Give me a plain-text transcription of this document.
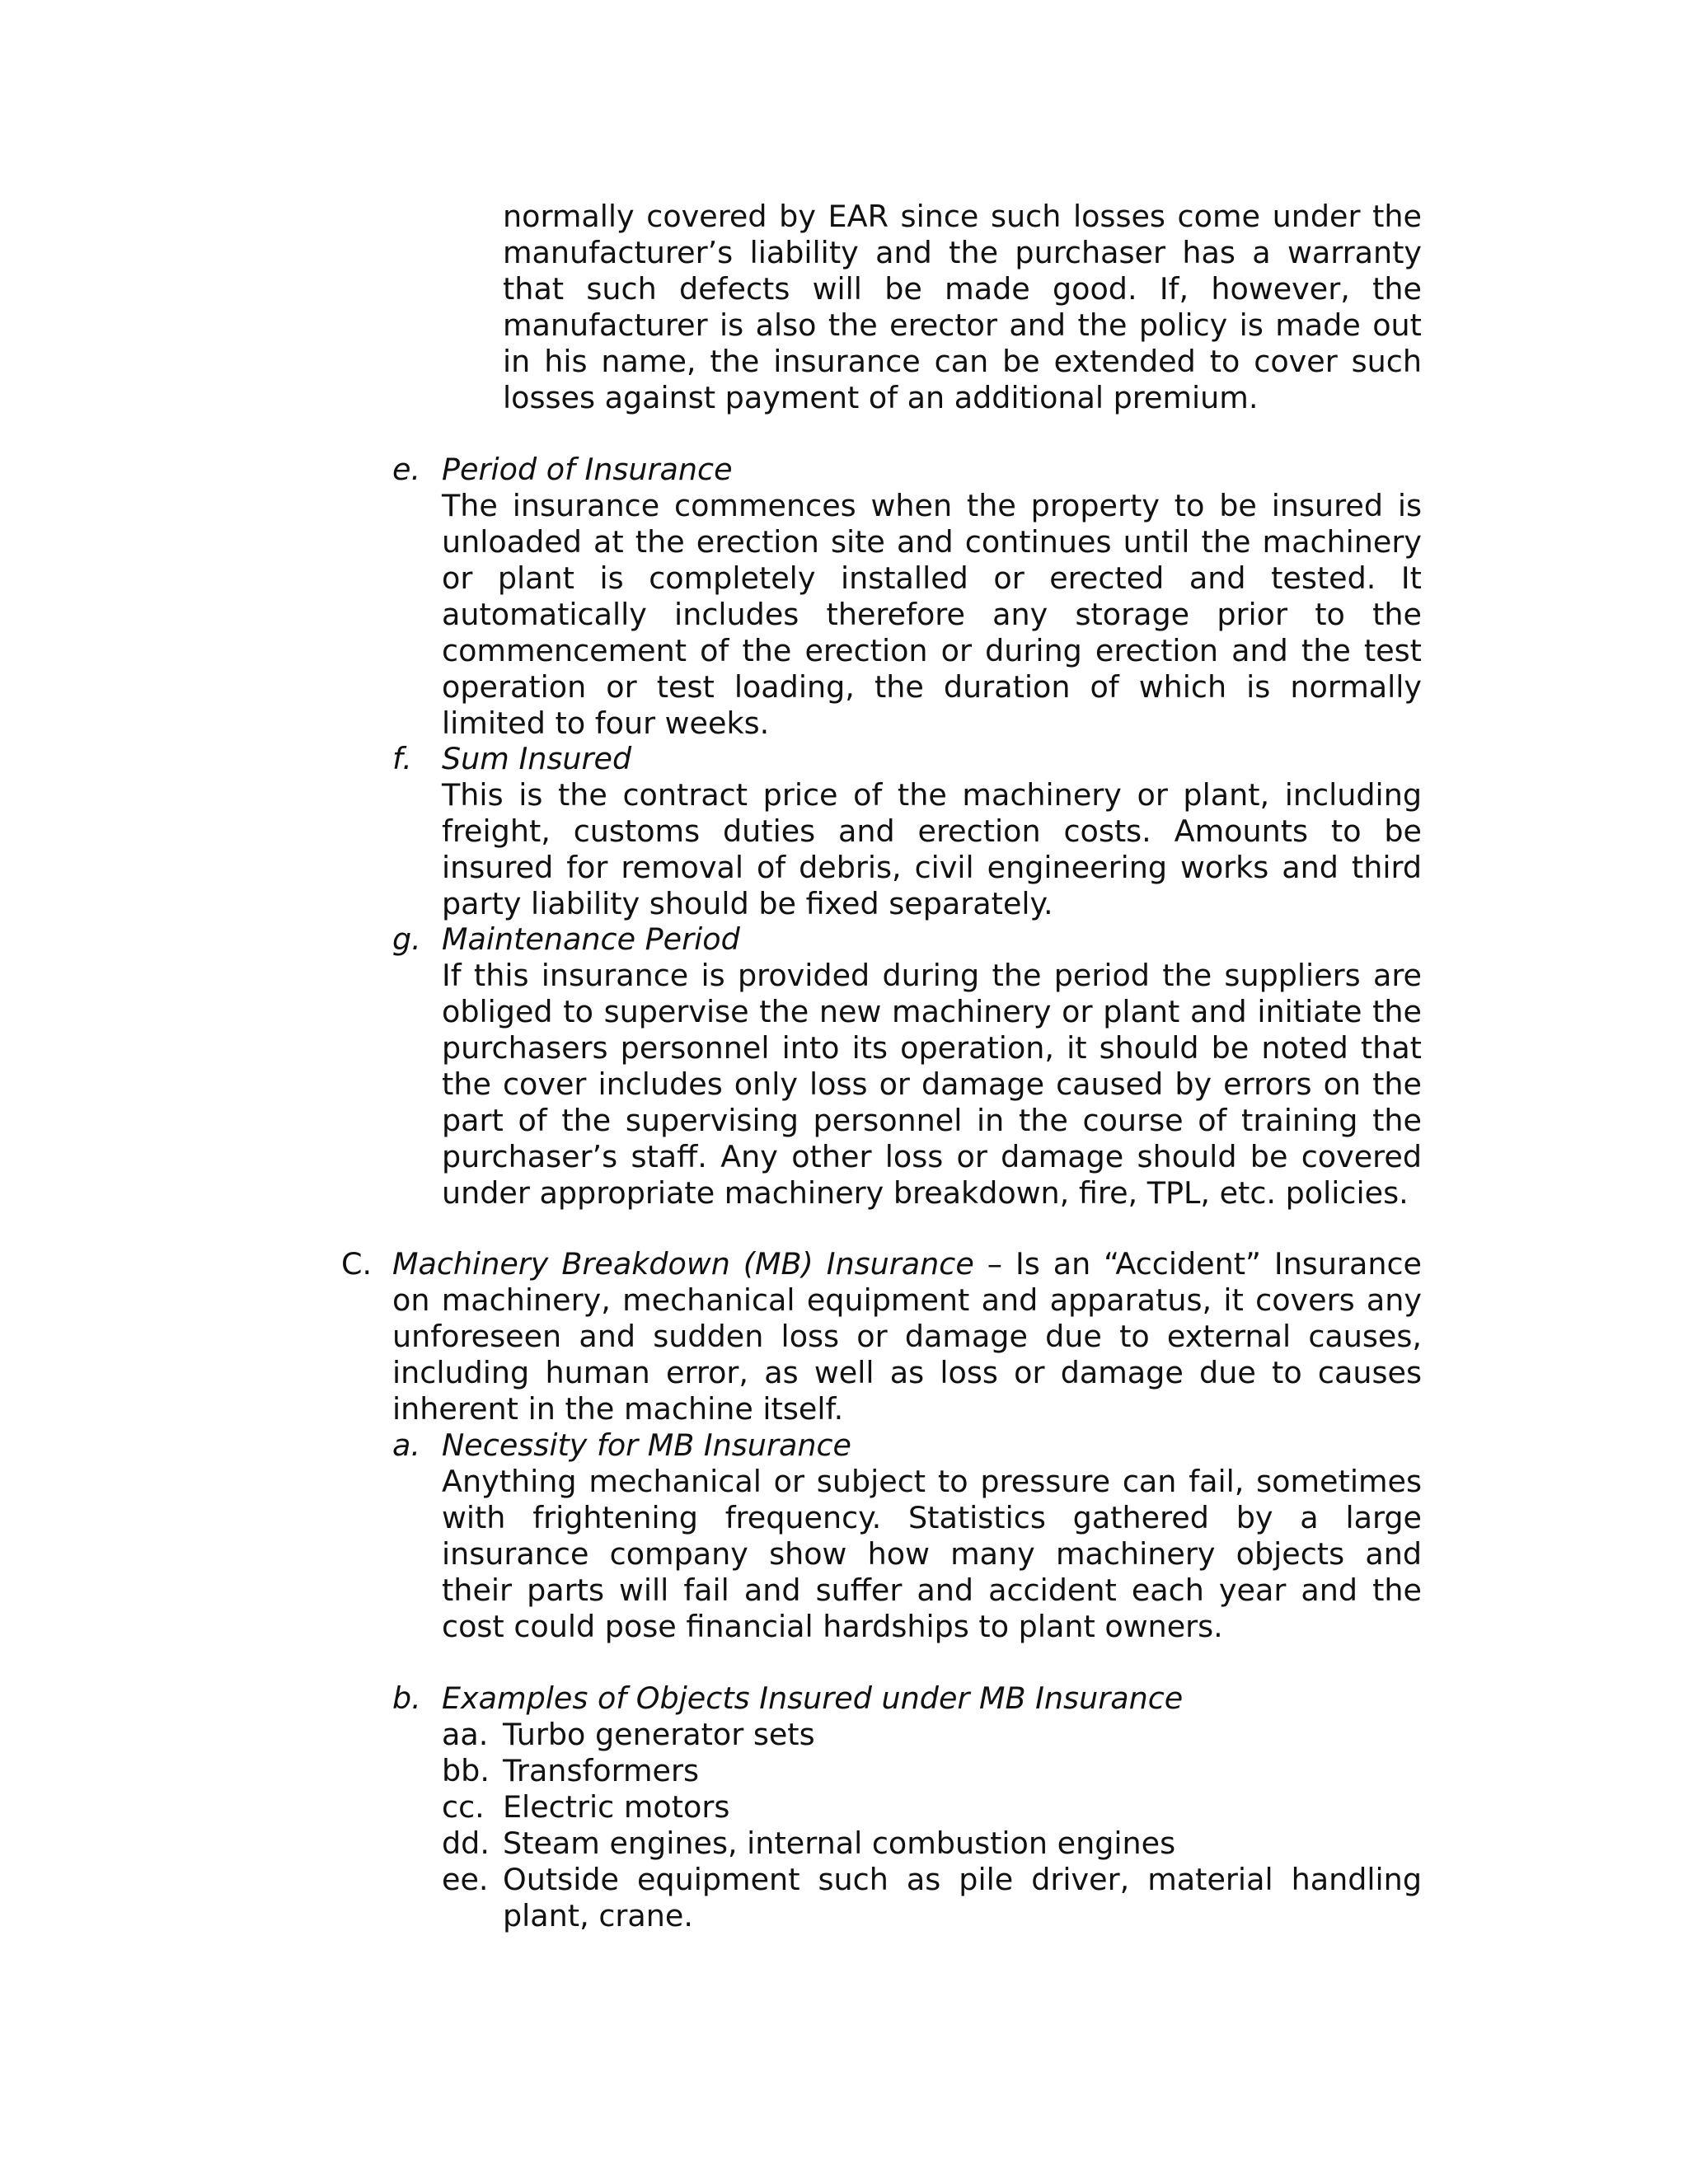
normally covered by EAR since such losses come under the manufacturer’s liability and the purchaser has a warranty that such defects will be made good. If, however, the manufacturer is also the erector and the policy is made out in his name, the insurance can be extended to cover such losses against payment of an additional premium.

e. Period of Insurance

The insurance commences when the property to be insured is unloaded at the erection site and continues until the machinery or plant is completely installed or erected and tested. It automatically includes therefore any storage prior to the commencement of the erection or during erection and the test operation or test loading, the duration of which is normally limited to four weeks.

f. Sum Insured

This is the contract price of the machinery or plant, including freight, customs duties and erection costs. Amounts to be insured for removal of debris, civil engineering works and third party liability should be fixed separately.

g. Maintenance Period

If this insurance is provided during the period the suppliers are obliged to supervise the new machinery or plant and initiate the purchasers personnel into its operation, it should be noted that the cover includes only loss or damage caused by errors on the part of the supervising personnel in the course of training the purchaser’s staff. Any other loss or damage should be covered under appropriate machinery breakdown, fire, TPL, etc. policies.

C. Machinery Breakdown (MB) Insurance – Is an “Accident” Insurance on machinery, mechanical equipment and apparatus, it covers any unforeseen and sudden loss or damage due to external causes, including human error, as well as loss or damage due to causes inherent in the machine itself.

a. Necessity for MB Insurance

Anything mechanical or subject to pressure can fail, sometimes with frightening frequency. Statistics gathered by a large insurance company show how many machinery objects and their parts will fail and suffer and accident each year and the cost could pose financial hardships to plant owners.

b. Examples of Objects Insured under MB Insurance

aa. Turbo generator sets
bb. Transformers
cc. Electric motors
dd. Steam engines, internal combustion engines
ee. Outside equipment such as pile driver, material handling plant, crane.
